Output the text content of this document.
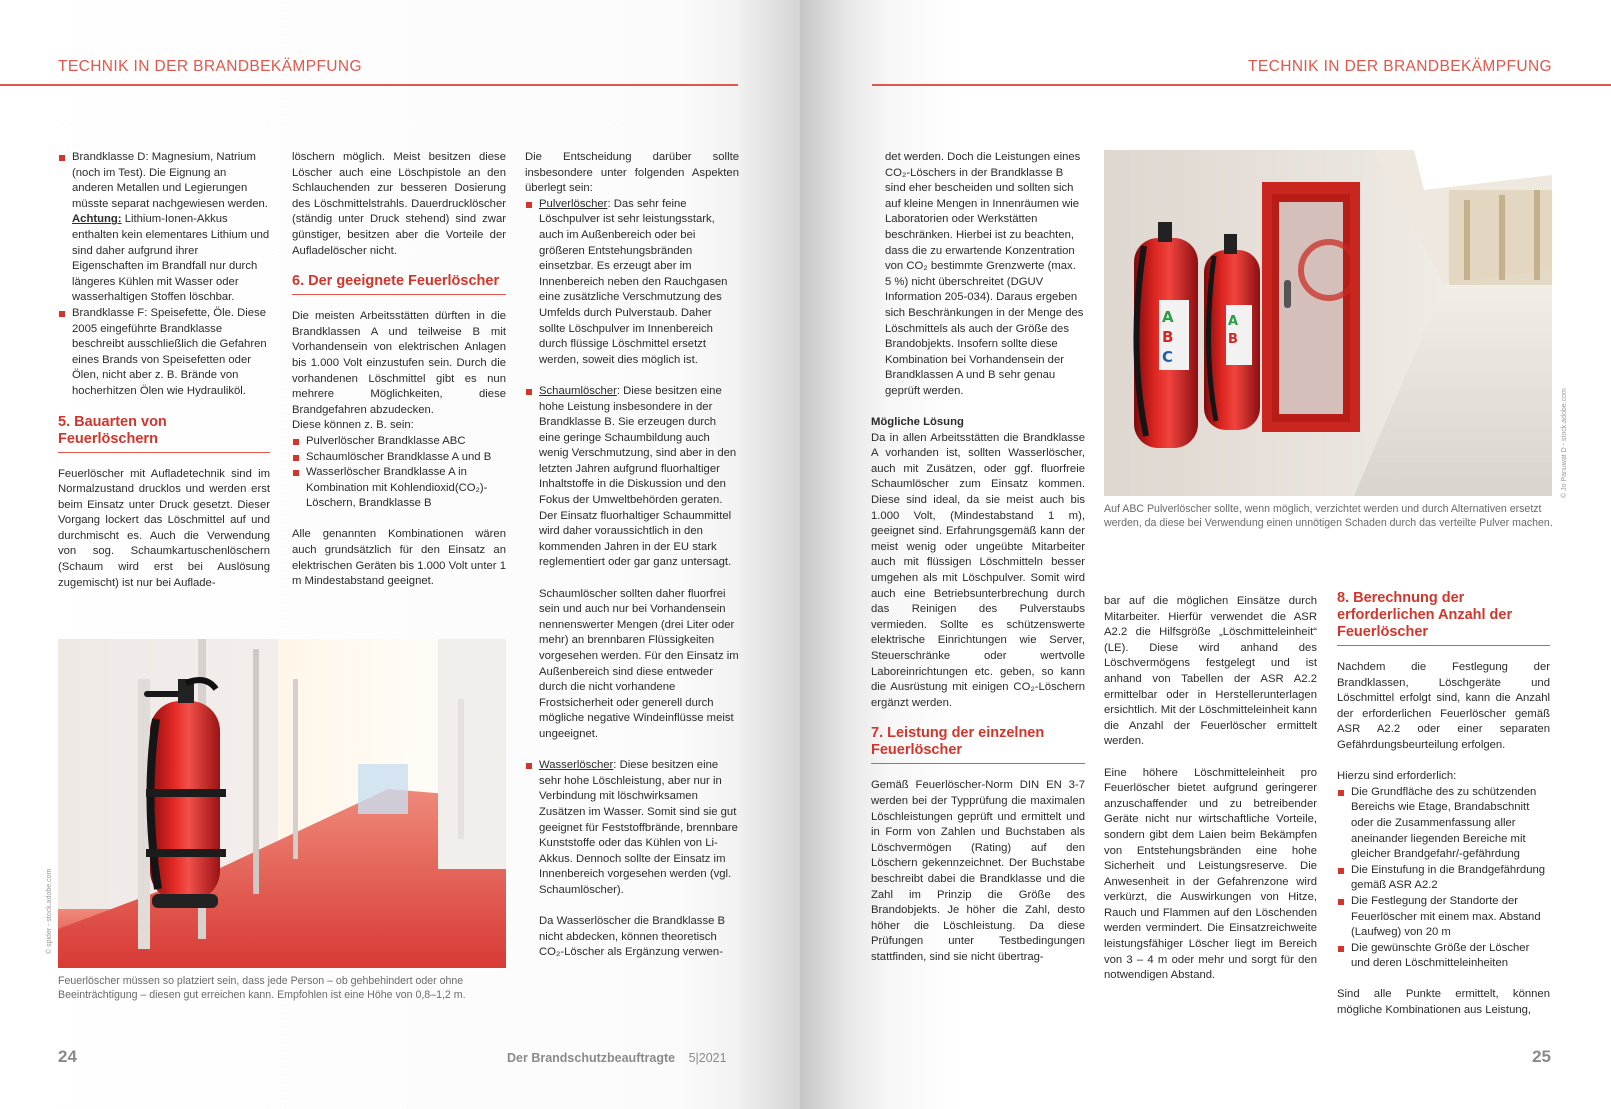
TECHNIK IN DER BRANDBEKÄMPFUNG
Brandklasse D: Magnesium, Natrium (noch im Test). Die Eignung an anderen Metallen und Legierungen müsste separat nachgewiesen werden.
Achtung: Lithium-Ionen-Akkus enthalten kein elementares Lithium und sind daher aufgrund ihrer Eigenschaften im Brandfall nur durch längeres Kühlen mit Wasser oder wasserhaltigen Stoffen löschbar.
Brandklasse F: Speisefette, Öle. Diese 2005 eingeführte Brandklasse beschreibt ausschließlich die Gefahren eines Brands von Speisefetten oder Ölen, nicht aber z. B. Brände von hocherhitzen Ölen wie Hydrauliköl.
5. Bauarten von Feuerlöschern

Feuerlöscher mit Aufladetechnik sind im Normalzustand drucklos und werden erst beim Einsatz unter Druck gesetzt. Dieser Vorgang lockert das Löschmittel auf und durchmischt es. Auch die Verwendung von sog. Schaumkartuschenlöschern (Schaum wird erst bei Auslösung zugemischt) ist nur bei Auflade-

löschern möglich. Meist besitzen diese Löscher auch eine Löschpistole an den Schlauchenden zur besseren Dosierung des Löschmittelstrahls. Dauerdrucklöscher (ständig unter Druck stehend) sind zwar günstiger, besitzen aber die Vorteile der Aufladelöscher nicht.

6. Der geeignete Feuerlöscher

Die meisten Arbeitsstätten dürften in die Brandklassen A und teilweise B mit Vorhandensein von elektrischen Anlagen bis 1.000 Volt einzustufen sein. Durch die vorhandenen Löschmittel gibt es nun mehrere Möglichkeiten, diese Brandgefahren abzudecken.

Diese können z. B. sein:

Pulverlöscher Brandklasse ABC
Schaumlöscher Brandklasse A und B
Wasserlöscher Brandklasse A in Kombination mit Kohlendioxid(CO₂)-Löschern, Brandklasse B

Alle genannten Kombinationen wären auch grundsätzlich für den Einsatz an elektrischen Geräten bis 1.000 Volt unter 1 m Mindestabstand geeignet.

Die Entscheidung darüber sollte insbesondere unter folgenden Aspekten überlegt sein:

Pulverlöscher: Das sehr feine Löschpulver ist sehr leistungsstark, auch im Außenbereich oder bei größeren Entstehungsbränden einsetzbar. Es erzeugt aber im Innenbereich neben den Rauchgasen eine zusätzliche Verschmutzung des Umfelds durch Pulverstaub. Daher sollte Löschpulver im Innenbereich durch flüssige Löschmittel ersetzt werden, soweit dies möglich ist.
Schaumlöscher: Diese besitzen eine hohe Leistung insbesondere in der Brandklasse B. Sie erzeugen durch eine geringe Schaumbildung auch wenig Verschmutzung, sind aber in den letzten Jahren aufgrund fluorhaltiger Inhaltstoffe in die Diskussion und den Fokus der Umweltbehörden geraten. Der Einsatz fluorhaltiger Schaummittel wird daher voraussichtlich in den kommenden Jahren in der EU stark reglementiert oder gar ganz untersagt.

Schaumlöscher sollten daher fluorfrei sein und auch nur bei Vorhandensein nennenswerter Mengen (drei Liter oder mehr) an brennbaren Flüssigkeiten vorgesehen werden. Für den Einsatz im Außenbereich sind diese entweder durch die nicht vorhandene Frostsicherheit oder generell durch mögliche negative Windeinflüsse meist ungeeignet.

Wasserlöscher: Diese besitzen eine sehr hohe Löschleistung, aber nur in Verbindung mit löschwirksamen Zusätzen im Wasser. Somit sind sie gut geeignet für Feststoffbrände, brennbare Kunststoffe oder das Kühlen von Li-Akkus. Dennoch sollte der Einsatz im Innenbereich vorgesehen werden (vgl. Schaumlöscher).

Da Wasserlöscher die Brandklasse B nicht abdecken, können theoretisch CO₂-Löscher als Ergänzung verwen-

© spider - stock.adobe.com
Feuerlöscher müssen so platziert sein, dass jede Person – ob gehbehindert oder ohne Beeinträchtigung – diesen gut erreichen kann. Empfohlen ist eine Höhe von 0,8–1,2 m.
24	Der Brandschutzbeauftragte 5|2021
TECHNIK IN DER BRANDBEKÄMPFUNG

det werden. Doch die Leistungen eines CO₂-Löschers in der Brandklasse B sind eher bescheiden und sollten sich auf kleine Mengen in Innenräumen wie Laboratorien oder Werkstätten beschränken. Hierbei ist zu beachten, dass die zu erwartende Konzentration von CO₂ bestimmte Grenzwerte (max. 5 %) nicht überschreitet (DGUV Information 205-034). Daraus ergeben sich Beschränkungen in der Menge des Löschmittels als auch der Größe des Brandobjekts. Insofern sollte diese Kombination bei Vorhandensein der Brandklassen A und B sehr genau geprüft werden.

Mögliche Lösung

Da in allen Arbeitsstätten die Brandklasse A vorhanden ist, sollten Wasserlöscher, auch mit Zusätzen, oder ggf. fluorfreie Schaumlöscher zum Einsatz kommen. Diese sind ideal, da sie meist auch bis 1.000 Volt, (Mindestabstand 1 m), geeignet sind. Erfahrungsgemäß kann der meist wenig oder ungeübte Mitarbeiter auch mit flüssigen Löschmitteln besser umgehen als mit Löschpulver. Somit wird auch eine Betriebsunterbrechung durch das Reinigen des Pulverstaubs vermieden. Sollte es schützenswerte elektrische Einrichtungen wie Server, Steuerschränke oder wertvolle Laboreinrichtungen etc. geben, so kann die Ausrüstung mit einigen CO₂-Löschern ergänzt werden.

7. Leistung der einzelnen Feuerlöscher

Gemäß Feuerlöscher-Norm DIN EN 3-7 werden bei der Typprüfung die maximalen Löschleistungen geprüft und ermittelt und in Form von Zahlen und Buchstaben als Löschvermögen (Rating) auf den Löschern gekennzeichnet. Der Buchstabe beschreibt dabei die Brandklasse und die Zahl im Prinzip die Größe des Brandobjekts. Je höher die Zahl, desto höher die Löschleistung. Da diese Prüfungen unter Testbedingungen stattfinden, sind sie nicht übertrag-

A
B
C
A
B
© Jo Panuwat D - stock.adobe.com
Auf ABC Pulverlöscher sollte, wenn möglich, verzichtet werden und durch Alternativen ersetzt werden, da diese bei Verwendung einen unnötigen Schaden durch das verteilte Pulver machen.

bar auf die möglichen Einsätze durch Mitarbeiter. Hierfür verwendet die ASR A2.2 die Hilfsgröße „Löschmitteleinheit“ (LE). Diese wird anhand des Löschvermögens festgelegt und ist anhand von Tabellen der ASR A2.2 ermittelbar oder in Herstellerunterlagen ersichtlich. Mit der Löschmitteleinheit kann die Anzahl der Feuerlöscher ermittelt werden.

Eine höhere Löschmitteleinheit pro Feuerlöscher bietet aufgrund geringerer anzuschaffender und zu betreibender Geräte nicht nur wirtschaftliche Vorteile, sondern gibt dem Laien beim Bekämpfen von Entstehungsbränden eine hohe Sicherheit und Leistungsreserve. Die Anwesenheit in der Gefahrenzone wird verkürzt, die Auswirkungen von Hitze, Rauch und Flammen auf den Löschenden werden vermindert. Die Einsatzreichweite leistungsfähiger Löscher liegt im Bereich von 3 – 4 m oder mehr und sorgt für den notwendigen Abstand.

8. Berechnung der erforderlichen Anzahl der Feuerlöscher

Nachdem die Festlegung der Brandklassen, Löschgeräte und Löschmittel erfolgt sind, kann die Anzahl der erforderlichen Feuerlöscher gemäß ASR A2.2 oder einer separaten Gefährdungsbeurteilung erfolgen.

Hierzu sind erforderlich:

Die Grundfläche des zu schützenden Bereichs wie Etage, Brandabschnitt oder die Zusammenfassung aller aneinander liegenden Bereiche mit gleicher Brandgefahr/-gefährdung
Die Einstufung in die Brandgefährdung gemäß ASR A2.2
Die Festlegung der Standorte der Feuerlöscher mit einem max. Abstand (Laufweg) von 20 m
Die gewünschte Größe der Löscher und deren Löschmitteleinheiten

Sind alle Punkte ermittelt, können mögliche Kombinationen aus Leistung,

25
